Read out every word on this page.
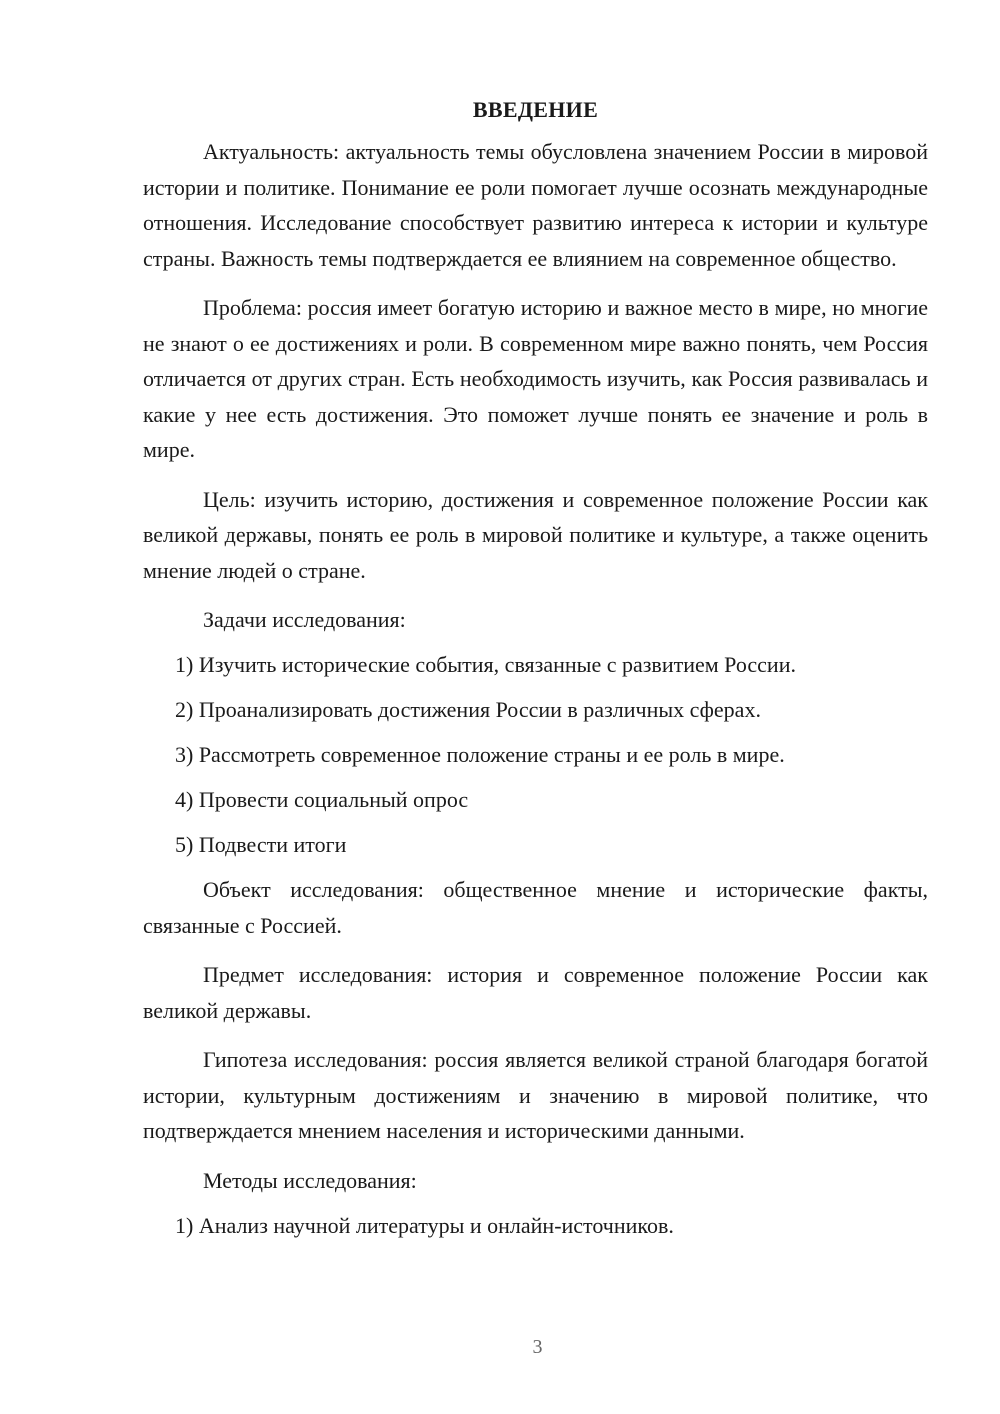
ВВЕДЕНИЕ

Актуальность: актуальность темы обусловлена значением России в мировой истории и политике. Понимание ее роли помогает лучше осознать международные отношения. Исследование способствует развитию интереса к истории и культуре страны. Важность темы подтверждается ее влиянием на современное общество.

Проблема: россия имеет богатую историю и важное место в мире, но многие не знают о ее достижениях и роли. В современном мире важно понять, чем Россия отличается от других стран. Есть необходимость изучить, как Россия развивалась и какие у нее есть достижения. Это поможет лучше понять ее значение и роль в мире.

Цель: изучить историю, достижения и современное положение России как великой державы, понять ее роль в мировой политике и культуре, а также оценить мнение людей о стране.

Задачи исследования:

1) Изучить исторические события, связанные с развитием России.
2) Проанализировать достижения России в различных сферах.
3) Рассмотреть современное положение страны и ее роль в мире.
4) Провести социальный опрос
5) Подвести итоги

Объект исследования: общественное мнение и исторические факты, связанные с Россией.

Предмет исследования: история и современное положение России как великой державы.

Гипотеза исследования: россия является великой страной благодаря богатой истории, культурным достижениям и значению в мировой политике, что подтверждается мнением населения и историческими данными.

Методы исследования:

1) Анализ научной литературы и онлайн-источников.
3
